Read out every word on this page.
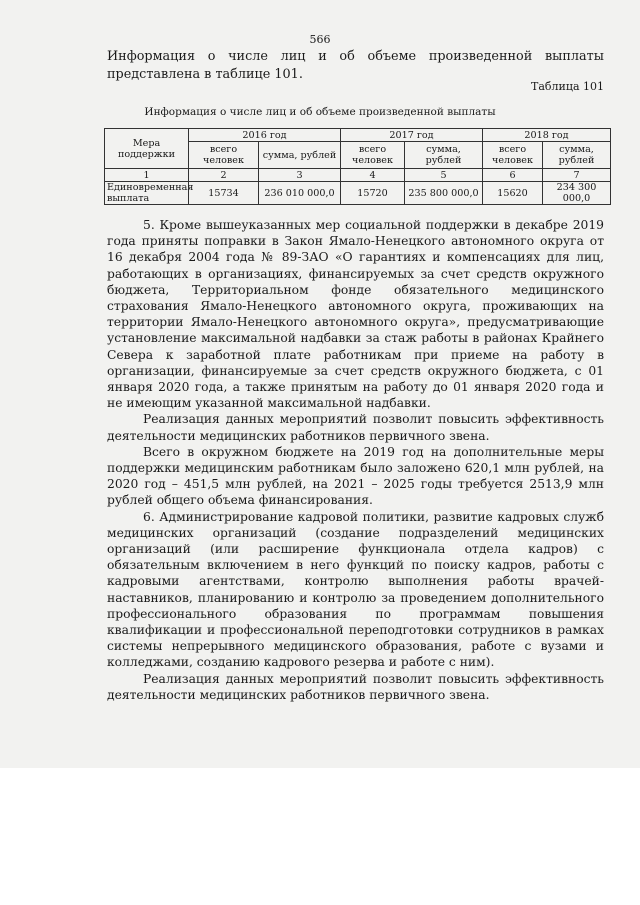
566
Информация о числе лиц и об объеме произведенной выплаты
представлена в таблице 101.
Таблица 101
Информация о числе лиц и об объеме произведенной выплаты
Мера поддержки	2016 год		2017 год		2018 год	
	всего человек	сумма, рублей	всего человек	сумма, рублей	всего человек	сумма, рублей
1	2	3	4	5	6	7
Единовременная выплата	15734	236 010 000,0	15720	235 800 000,0	15620	234 300 000,0

5. Кроме вышеуказанных мер социальной поддержки в декабре 2019 года приняты поправки в Закон Ямало-Ненецкого автономного округа от 16 декабря 2004 года № 89-ЗАО «О гарантиях и компенсациях для лиц, работающих в организациях, финансируемых за счет средств окружного бюджета, Территориальном фонде обязательного медицинского страхования Ямало-Ненецкого автономного округа, проживающих на территории Ямало-Ненецкого автономного округа», предусматривающие установление максимальной надбавки за стаж работы в районах Крайнего Севера к заработной плате работникам при приеме на работу в организации, финансируемые за счет средств окружного бюджета, с 01 января 2020 года, а также принятым на работу до 01 января 2020 года и не имеющим указанной максимальной надбавки.

Реализация данных мероприятий позволит повысить эффективность деятельности медицинских работников первичного звена.

Всего в окружном бюджете на 2019 год на дополнительные меры поддержки медицинским работникам было заложено 620,1 млн рублей, на 2020 год – 451,5 млн рублей, на 2021 – 2025 годы требуется 2513,9 млн рублей общего объема финансирования.

6. Администрирование кадровой политики, развитие кадровых служб медицинских организаций (создание подразделений медицинских организаций (или расширение функционала отдела кадров) с обязательным включением в него функций по поиску кадров, работы с кадровыми агентствами, контролю выполнения работы врачей-наставников, планированию и контролю за проведением дополнительного профессионального образования по программам повышения квалификации и профессиональной переподготовки сотрудников в рамках системы непрерывного медицинского образования, работе с вузами и колледжами, созданию кадрового резерва и работе с ним).

Реализация данных мероприятий позволит повысить эффективность деятельности медицинских работников первичного звена.
